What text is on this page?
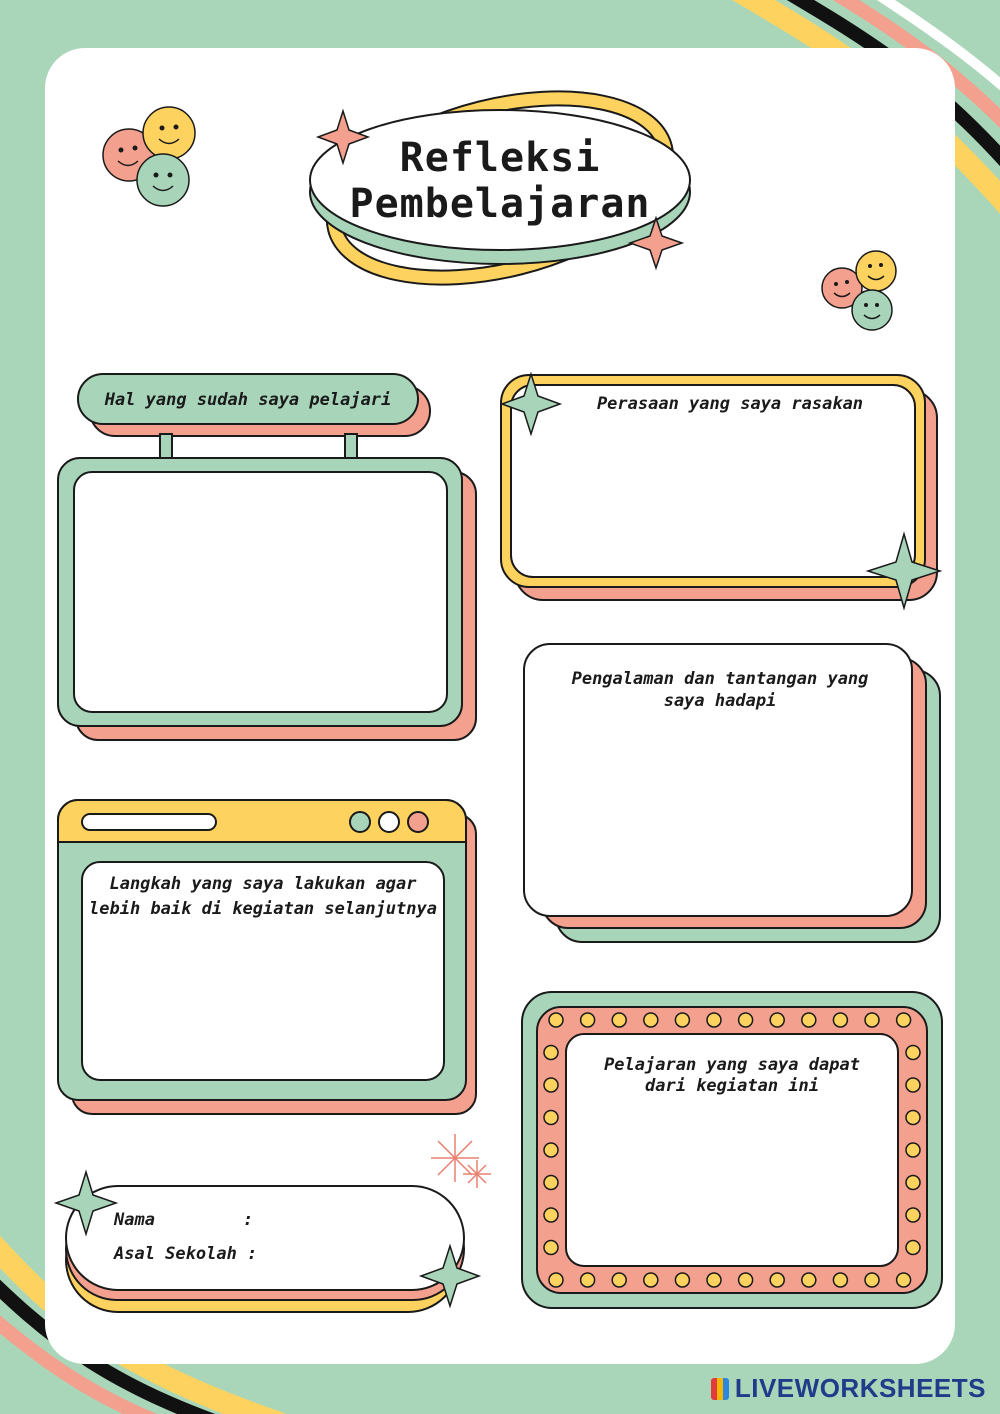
Refleksi
Pembelajaran
Hal yang sudah saya pelajari	Perasaan yang saya rasakan
Pengalaman dan tantangan yang
saya hadapi
Langkah yang saya lakukan agar
lebih baik di kegiatan selanjutnya
Pelajaran yang saya dapat
dari kegiatan ini
Nama	:
Asal Sekolah :
LIVEWORKSHEETS
